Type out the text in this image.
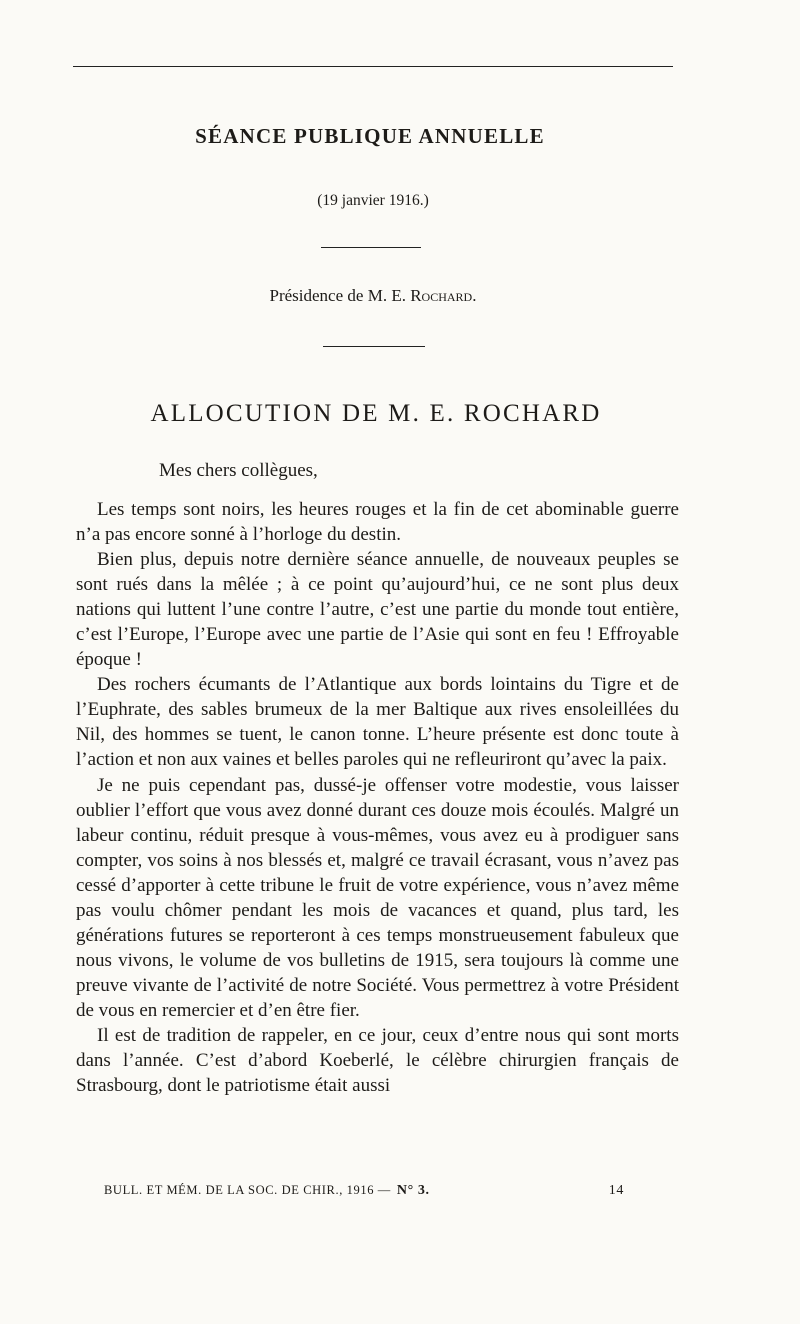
SÉANCE PUBLIQUE ANNUELLE
(19 janvier 1916.)
Présidence de M. E. Rochard.
ALLOCUTION DE M. E. ROCHARD
Mes chers collègues,

Les temps sont noirs, les heures rouges et la fin de cet abominable guerre n’a pas encore sonné à l’horloge du destin.

Bien plus, depuis notre dernière séance annuelle, de nouveaux peuples se sont rués dans la mêlée ; à ce point qu’aujourd’hui, ce ne sont plus deux nations qui luttent l’une contre l’autre, c’est une partie du monde tout entière, c’est l’Europe, l’Europe avec une partie de l’Asie qui sont en feu ! Effroyable époque !

Des rochers écumants de l’Atlantique aux bords lointains du Tigre et de l’Euphrate, des sables brumeux de la mer Baltique aux rives ensoleillées du Nil, des hommes se tuent, le canon tonne. L’heure présente est donc toute à l’action et non aux vaines et belles paroles qui ne refleuriront qu’avec la paix.

Je ne puis cependant pas, dussé-je offenser votre modestie, vous laisser oublier l’effort que vous avez donné durant ces douze mois écoulés. Malgré un labeur continu, réduit presque à vous-mêmes, vous avez eu à prodiguer sans compter, vos soins à nos blessés et, malgré ce travail écrasant, vous n’avez pas cessé d’apporter à cette tribune le fruit de votre expérience, vous n’avez même pas voulu chômer pendant les mois de vacances et quand, plus tard, les générations futures se reporteront à ces temps monstrueusement fabuleux que nous vivons, le volume de vos bulletins de 1915, sera toujours là comme une preuve vivante de l’activité de notre Société. Vous permettrez à votre Président de vous en remercier et d’en être fier.

Il est de tradition de rappeler, en ce jour, ceux d’entre nous qui sont morts dans l’année. C’est d’abord Koeberlé, le célèbre chirurgien français de Strasbourg, dont le patriotisme était aussi

BULL. ET MÉM. DE LA SOC. DE CHIR., 1916 — N° 3.	14
